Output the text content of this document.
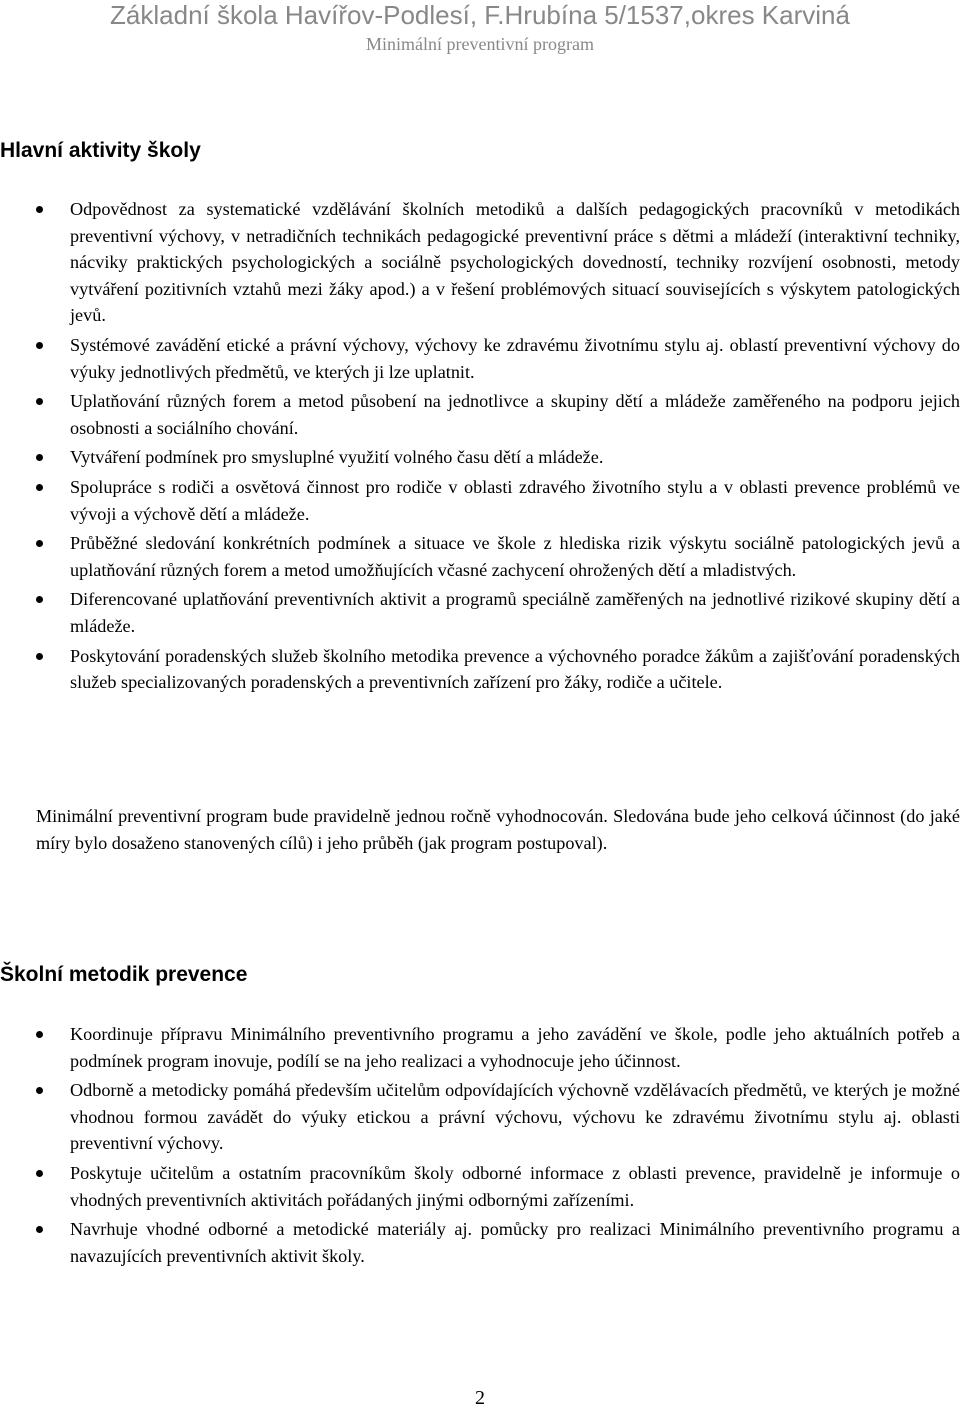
Základní škola Havířov-Podlesí, F.Hrubína 5/1537,okres Karviná
Minimální preventivní program
Hlavní aktivity školy
Odpovědnost za systematické vzdělávání školních metodiků a dalších pedagogických pracovníků v metodikách preventivní výchovy, v netradičních technikách pedagogické preventivní práce s dětmi a mládeží (interaktivní techniky, nácviky praktických psychologických a sociálně psychologických dovedností, techniky rozvíjení osobnosti, metody vytváření pozitivních vztahů mezi žáky apod.) a v řešení problémových situací souvisejících s výskytem patologických jevů.
Systémové zavádění etické a právní výchovy, výchovy ke zdravému životnímu stylu aj. oblastí preventivní výchovy do výuky jednotlivých předmětů, ve kterých ji lze uplatnit.
Uplatňování různých forem a metod působení na jednotlivce a skupiny dětí a mládeže zaměřeného na podporu jejich osobnosti a sociálního chování.
Vytváření podmínek pro smysluplné využití volného času dětí a mládeže.
Spolupráce s rodiči a osvětová činnost pro rodiče v oblasti zdravého životního stylu a v oblasti prevence problémů ve vývoji a výchově dětí a mládeže.
Průběžné sledování konkrétních podmínek a situace ve škole z hlediska rizik výskytu sociálně patologických jevů a uplatňování různých forem a metod umožňujících včasné zachycení ohrožených dětí a mladistvých.
Diferencované uplatňování preventivních aktivit a programů speciálně zaměřených na jednotlivé rizikové skupiny dětí a mládeže.
Poskytování poradenských služeb školního metodika prevence a výchovného poradce žákům a zajišťování poradenských služeb specializovaných poradenských a preventivních zařízení pro žáky, rodiče a učitele.

Minimální preventivní program bude pravidelně jednou ročně vyhodnocován. Sledována bude jeho celková účinnost (do jaké míry bylo dosaženo stanovených cílů) i jeho průběh (jak program postupoval).

Školní metodik prevence
Koordinuje přípravu Minimálního preventivního programu a jeho zavádění ve škole, podle jeho aktuálních potřeb a podmínek program inovuje, podílí se na jeho realizaci a vyhodnocuje jeho účinnost.
Odborně a metodicky pomáhá především učitelům odpovídajících výchovně vzdělávacích předmětů, ve kterých je možné vhodnou formou zavádět do výuky etickou a právní výchovu, výchovu ke zdravému životnímu stylu aj. oblasti preventivní výchovy.
Poskytuje učitelům a ostatním pracovníkům školy odborné informace z oblasti prevence, pravidelně je informuje o vhodných preventivních aktivitách pořádaných jinými odbornými zařízeními.
Navrhuje vhodné odborné a metodické materiály aj. pomůcky pro realizaci Minimálního preventivního programu a navazujících preventivních aktivit školy.
2
